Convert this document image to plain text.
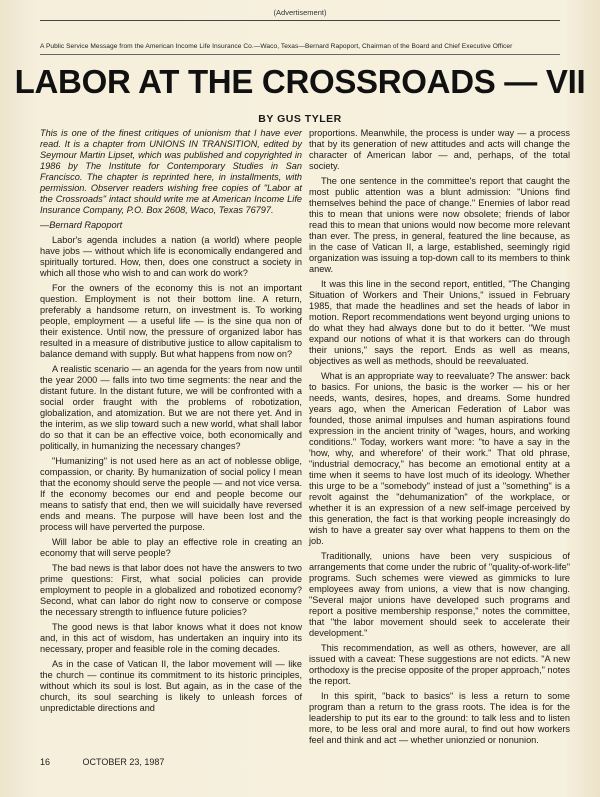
(Advertisement)
A Public Service Message from the American Income Life Insurance Co.—Waco, Texas—Bernard Rapoport, Chairman of the Board and Chief Executive Officer
LABOR AT THE CROSSROADS — VII
BY GUS TYLER

This is one of the finest critiques of unionism that I have ever read. It is a chapter from UNIONS IN TRANSITION, edited by Seymour Martin Lipset, which was published and copyrighted in 1986 by The Institute for Contemporary Studies in San Francisco. The chapter is reprinted here, in installments, with permission. Observer readers wishing free copies of "Labor at the Crossroads" intact should write me at American Income Life Insurance Company, P.O. Box 2608, Waco, Texas 76797.

—Bernard Rapoport

Labor's agenda includes a nation (a world) where people have jobs — without which life is economically endangered and spiritually tortured. How, then, does one construct a society in which all those who wish to and can work do work?

For the owners of the economy this is not an important question. Employment is not their bottom line. A return, preferably a handsome return, on investment is. To working people, employment — a useful life — is the sine qua non of their existence. Until now, the pressure of organized labor has resulted in a measure of distributive justice to allow capitalism to balance demand with supply. But what happens from now on?

A realistic scenario — an agenda for the years from now until the year 2000 — falls into two time segments: the near and the distant future. In the distant future, we will be confronted with a social order fraught with the problems of robotization, globalization, and atomization. But we are not there yet. And in the interim, as we slip toward such a new world, what shall labor do so that it can be an effective voice, both economically and politically, in humanizing the necessary changes?

"Humanizing" is not used here as an act of noblesse oblige, compassion, or charity. By humanization of social policy I mean that the economy should serve the people — and not vice versa. If the economy becomes our end and people become our means to satisfy that end, then we will suicidally have reversed ends and means. The purpose will have been lost and the process will have perverted the purpose.

Will labor be able to play an effective role in creating an economy that will serve people?

The bad news is that labor does not have the answers to two prime questions: First, what social policies can provide employment to people in a globalized and robotized economy? Second, what can labor do right now to conserve or compose the necessary strength to influence future policies?

The good news is that labor knows what it does not know and, in this act of wisdom, has undertaken an inquiry into its necessary, proper and feasible role in the coming decades.

As in the case of Vatican II, the labor movement will — like the church — continue its commitment to its historic principles, without which its soul is lost. But again, as in the case of the church, its soul searching is likely to unleash forces of unpredictable directions and

proportions. Meanwhile, the process is under way — a process that by its generation of new attitudes and acts will change the character of American labor — and, perhaps, of the total society.

The one sentence in the committee's report that caught the most public attention was a blunt admission: "Unions find themselves behind the pace of change." Enemies of labor read this to mean that unions were now obsolete; friends of labor read this to mean that unions would now become more relevant than ever. The press, in general, featured the line because, as in the case of Vatican II, a large, established, seemingly rigid organization was issuing a top-down call to its members to think anew.

It was this line in the second report, entitled, "The Changing Situation of Workers and Their Unions," issued in February 1985, that made the headlines and set the heads of labor in motion. Report recommendations went beyond urging unions to do what they had always done but to do it better. "We must expand our notions of what it is that workers can do through their unions," says the report. Ends as well as means, objectives as well as methods, should be reevaluated.

What is an appropriate way to reevaluate? The answer: back to basics. For unions, the basic is the worker — his or her needs, wants, desires, hopes, and dreams. Some hundred years ago, when the American Federation of Labor was founded, those animal impulses and human aspirations found expression in the ancient trinity of "wages, hours, and working conditions." Today, workers want more: "to have a say in the 'how, why, and wherefore' of their work." That old phrase, "industrial democracy," has become an emotional entity at a time when it seems to have lost much of its ideology. Whether this urge to be a "somebody" instead of just a "something" is a revolt against the "dehumanization" of the workplace, or whether it is an expression of a new self-image perceived by this generation, the fact is that working people increasingly do wish to have a greater say over what happens to them on the job.

Traditionally, unions have been very suspicious of arrangements that come under the rubric of "quality-of-work-life" programs. Such schemes were viewed as gimmicks to lure employees away from unions, a view that is now changing. "Several major unions have developed such programs and report a positive membership response," notes the committee, that "the labor movement should seek to accelerate their development."

This recommendation, as well as others, however, are all issued with a caveat: These suggestions are not edicts. "A new orthodoxy is the precise opposite of the proper approach," notes the report.

In this spirit, "back to basics" is less a return to some program than a return to the grass roots. The idea is for the leadership to put its ear to the ground: to talk less and to listen more, to be less oral and more aural, to find out how workers feel and think and act — whether unionzied or nonunion.

16	OCTOBER 23, 1987
